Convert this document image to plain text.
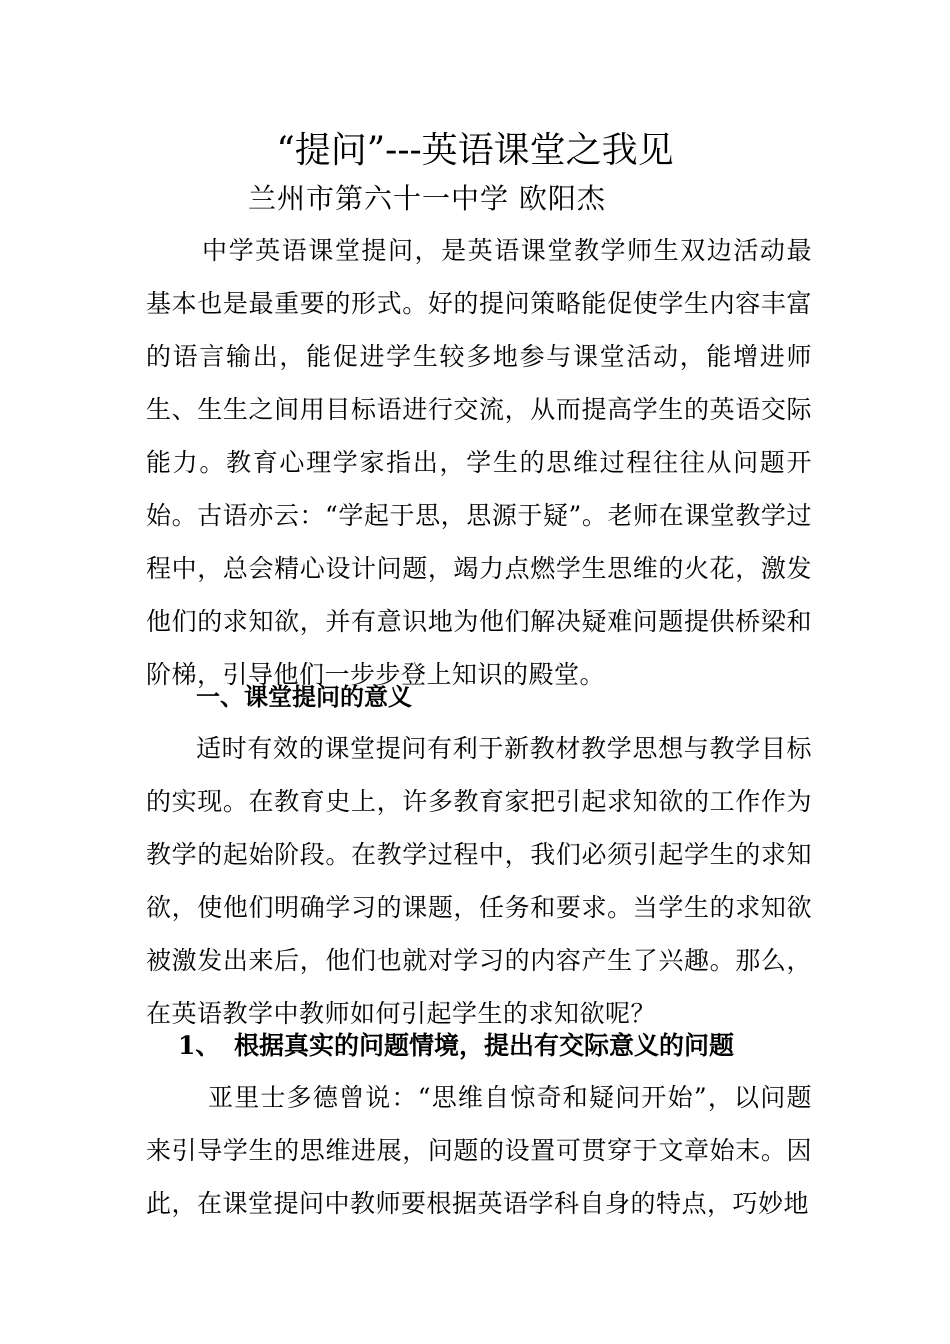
“提问”---英语课堂之我见
兰州市第六十一中学 欧阳杰

中学英语课堂提问，是英语课堂教学师生双边活动最基本也是最重要的形式。好的提问策略能促使学生内容丰富的语言输出，能促进学生较多地参与课堂活动，能增进师生、生生之间用目标语进行交流，从而提高学生的英语交际能力。教育心理学家指出，学生的思维过程往往从问题开始。古语亦云：“学起于思，思源于疑”。老师在课堂教学过程中，总会精心设计问题，竭力点燃学生思维的火花，激发他们的求知欲，并有意识地为他们解决疑难问题提供桥梁和阶梯，引导他们一步步登上知识的殿堂。

一、课堂提问的意义

适时有效的课堂提问有利于新教材教学思想与教学目标的实现。在教育史上，许多教育家把引起求知欲的工作作为教学的起始阶段。在教学过程中，我们必须引起学生的求知欲，使他们明确学习的课题，任务和要求。当学生的求知欲被激发出来后，他们也就对学习的内容产生了兴趣。那么，在英语教学中教师如何引起学生的求知欲呢？

1、 根据真实的问题情境，提出有交际意义的问题

亚里士多德曾说：“思维自惊奇和疑问开始”，以问题来引导学生的思维进展，问题的设置可贯穿于文章始末。因此，在课堂提问中教师要根据英语学科自身的特点，巧妙地
